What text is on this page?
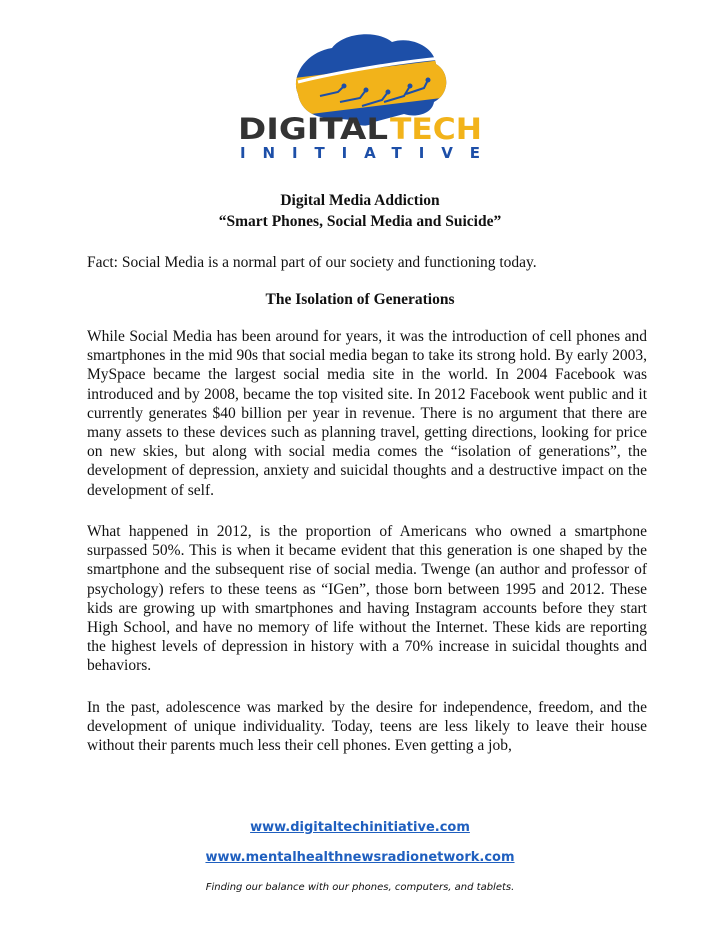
DIGITAL TECH
INITIATIVE
Digital Media Addiction
“Smart Phones, Social Media and Suicide”
Fact: Social Media is a normal part of our society and functioning today.
The Isolation of Generations
While Social Media has been around for years, it was the introduction of cell phones and smartphones in the mid 90s that social media began to take its strong hold. By early 2003, MySpace became the largest social media site in the world. In 2004 Facebook was introduced and by 2008, became the top visited site. In 2012 Facebook went public and it currently generates $40 billion per year in revenue. There is no argument that there are many assets to these devices such as planning travel, getting directions, looking for price on new skies, but along with social media comes the “isolation of generations”, the development of depression, anxiety and suicidal thoughts and a destructive impact on the development of self.
What happened in 2012, is the proportion of Americans who owned a smartphone surpassed 50%. This is when it became evident that this generation is one shaped by the smartphone and the subsequent rise of social media. Twenge (an author and professor of psychology) refers to these teens as “IGen”, those born between 1995 and 2012. These kids are growing up with smartphones and having Instagram accounts before they start High School, and have no memory of life without the Internet. These kids are reporting the highest levels of depression in history with a 70% increase in suicidal thoughts and behaviors.
In the past, adolescence was marked by the desire for independence, freedom, and the development of unique individuality. Today, teens are less likely to leave their house without their parents much less their cell phones. Even getting a job,
www.digitaltechinitiative.com
www.mentalhealthnewsradionetwork.com
Finding our balance with our phones, computers, and tablets.
